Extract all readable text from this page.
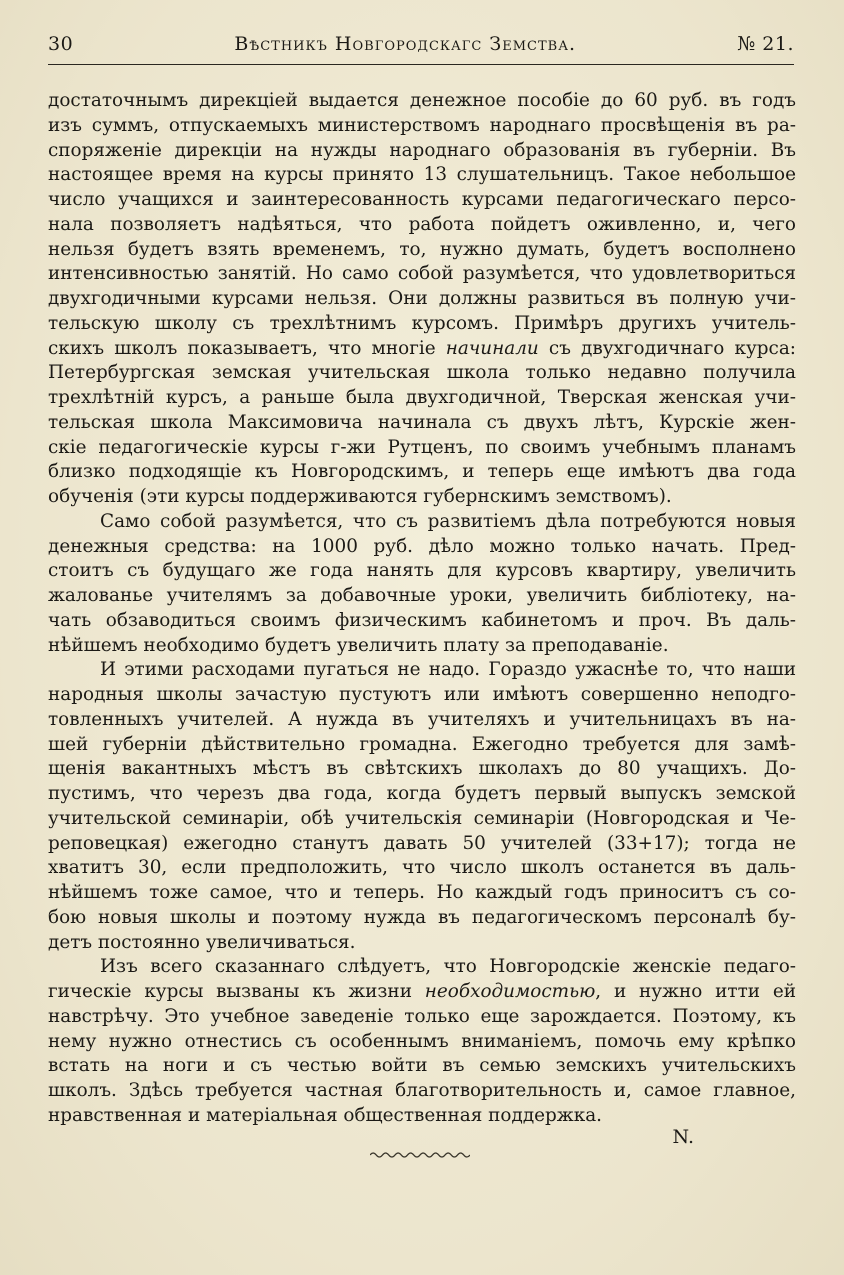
30	Вѣстникъ Новгородскагс Земства.	№ 21.
достаточнымъ дирекціей выдается денежное пособіе до 60 руб. въ годъ
изъ суммъ, отпускаемыхъ министерствомъ народнаго просвѣщенія въ ра-
споряженіе дирекціи на нужды народнаго образованія въ губерніи. Въ
настоящее время на курсы принято 13 слушательницъ. Такое небольшое
число учащихся и заинтересованность курсами педагогическаго персо-
нала позволяетъ надѣяться, что работа пойдетъ оживленно, и, чего
нельзя будетъ взять временемъ, то, нужно думать, будетъ восполнено
интенсивностью занятій. Но само собой разумѣется, что удовлетвориться
двухгодичными курсами нельзя. Они должны развиться въ полную учи-
тельскую школу съ трехлѣтнимъ курсомъ. Примѣръ другихъ учитель-
скихъ школъ показываетъ, что многіе начинали съ двухгодичнаго курса:
Петербургская земская учительская школа только недавно получила
трехлѣтній курсъ, а раньше была двухгодичной, Тверская женская учи-
тельская школа Максимовича начинала съ двухъ лѣтъ, Курскіе жен-
скіе педагогическіе курсы г-жи Рутценъ, по своимъ учебнымъ планамъ
близко подходящіе къ Новгородскимъ, и теперь еще имѣютъ два года
обученія (эти курсы поддерживаются губернскимъ земствомъ).
Само собой разумѣется, что съ развитіемъ дѣла потребуются новыя
денежныя средства: на 1000 руб. дѣло можно только начать. Пред-
стоитъ съ будущаго же года нанять для курсовъ квартиру, увеличить
жалованье учителямъ за добавочные уроки, увеличить библіотеку, на-
чать обзаводиться своимъ физическимъ кабинетомъ и проч. Въ даль-
нѣйшемъ необходимо будетъ увеличить плату за преподаваніе.
И этими расходами пугаться не надо. Гораздо ужаснѣе то, что наши
народныя школы зачастую пустуютъ или имѣютъ совершенно неподго-
товленныхъ учителей. А нужда въ учителяхъ и учительницахъ въ на-
шей губерніи дѣйствительно громадна. Ежегодно требуется для замѣ-
щенія вакантныхъ мѣстъ въ свѣтскихъ школахъ до 80 учащихъ. До-
пустимъ, что черезъ два года, когда будетъ первый выпускъ земской
учительской семинаріи, обѣ учительскія семинаріи (Новгородская и Че-
реповецкая) ежегодно станутъ давать 50 учителей (33+17); тогда не
хватитъ 30, если предположить, что число школъ останется въ даль-
нѣйшемъ тоже самое, что и теперь. Но каждый годъ приноситъ съ со-
бою новыя школы и поэтому нужда въ педагогическомъ персоналѣ бу-
детъ постоянно увеличиваться.
Изъ всего сказаннаго слѣдуетъ, что Новгородскіе женскіе педаго-
гическіе курсы вызваны къ жизни необходимостью, и нужно итти ей
навстрѣчу. Это учебное заведеніе только еще зарождается. Поэтому, къ
нему нужно отнестись съ особеннымъ вниманіемъ, помочь ему крѣпко
встать на ноги и съ честью войти въ семью земскихъ учительскихъ
школъ. Здѣсь требуется частная благотворительность и, самое главное,
нравственная и матеріальная общественная поддержка.
N.
